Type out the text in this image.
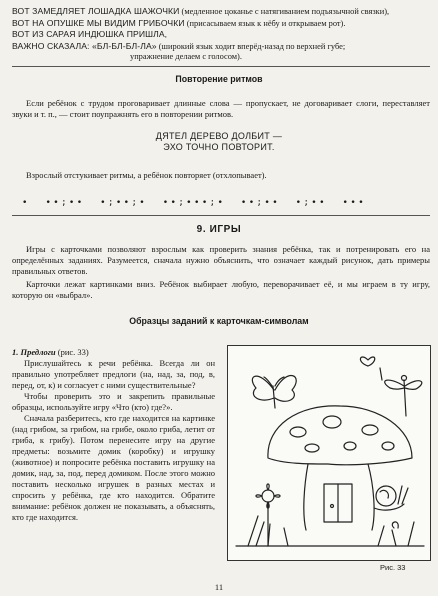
ВОТ ЗАМЕДЛЯЕТ ЛОШАДКА ШАЖОЧКИ (медленное цоканье с натягиванием подъязычной связки),
ВОТ НА ОПУШКЕ МЫ ВИДИМ ГРИБОЧКИ (присасываем язык к нёбу и открываем рот).
ВОТ ИЗ САРАЯ ИНДЮШКА ПРИШЛА,
ВАЖНО СКАЗАЛА: «БЛ-БЛ-БЛ-ЛА» (широкий язык ходит вперёд-назад по верхней губе;
упражнение делаем с голосом).
Повторение ритмов
Если ребёнок с трудом проговаривает длинные слова — пропускает, не договаривает слоги, переставляет звуки и т. п., — стоит поупражнять его в повторении ритмов.
ДЯТЕЛ ДЕРЕВО ДОЛБИТ —
ЭХО ТОЧНО ПОВТОРИТ.
Взрослый отстукивает ритмы, а ребёнок повторяет (отхлопывает).
•  ••;••  •;••;•  ••;•••;•  ••;••  •;••  •••
9. ИГРЫ
Игры с карточками позволяют взрослым как проверить знания ребёнка, так и потренировать его на определённых заданиях. Разумеется, сначала нужно объяснить, что означает каждый рисунок, дать примеры правильных ответов.
Карточки лежат картинками вниз. Ребёнок выбирает любую, переворачивает её, и мы играем в ту игру, которую он «выбрал».
Образцы заданий к карточкам-символам

1. Предлоги (рис. 33)

Прислушайтесь к речи ребёнка. Всегда ли он правильно употребляет предлоги (на, над, за, под, в, перед, от, к) и согласует с ними существительные?

Чтобы проверить это и закрепить правильные образцы, используйте игру «Что (кто) где?».

Сначала разберитесь, кто где находится на картинке (над грибом, за грибом, на грибе, около гриба, летит от гриба, к грибу). Потом перенесите игру на другие предметы: возьмите домик (коробку) и игрушку (животное) и попросите ребёнка поставить игрушку на домик, над, за, под, перед домиком. После этого можно поставить несколько игрушек в разных местах и спросить у ребёнка, где кто находится. Обратите внимание: ребёнок должен не показывать, а объяснять, кто где находится.

Рис. 33
11
